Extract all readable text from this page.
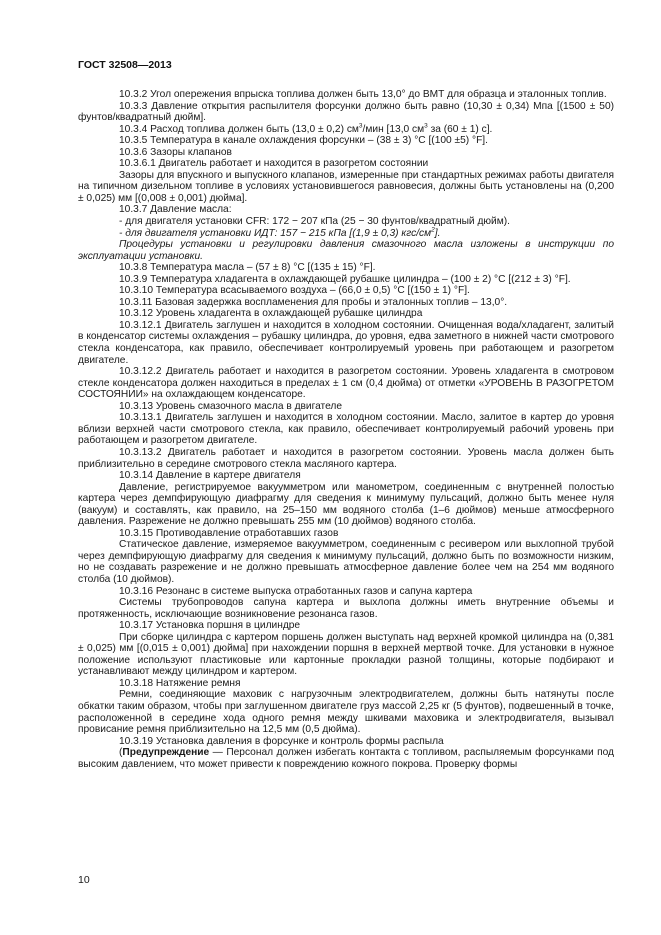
ГОСТ 32508—2013

10.3.2 Угол опережения впрыска топлива должен быть 13,0° до ВМТ для образца и эталонных топлив.

10.3.3 Давление открытия распылителя форсунки должно быть равно (10,30 ± 0,34) Мпа [(1500 ± 50) фунтов/квадратный дюйм].

10.3.4 Расход топлива должен быть (13,0 ± 0,2) $см^3$/мин [13,0 $см^3$ за (60 ± 1) с].

10.3.5 Температура в канале охлаждения форсунки – (38 ± 3) °С [(100 ±5) °F].

10.3.6 Зазоры клапанов

10.3.6.1 Двигатель работает и находится в разогретом состоянии

Зазоры для впускного и выпускного клапанов, измеренные при стандартных режимах работы двигателя на типичном дизельном топливе в условиях установившегося равновесия, должны быть установлены на (0,200 ± 0,025) мм [(0,008 ± 0,001) дюйма].

10.3.7 Давление масла:

- для двигателя установки CFR: 172 − 207 кПа (25 − 30 фунтов/квадратный дюйм).

- для двигателя установки ИДТ: 157 − 215 кПа [(1,9 ± 0,3) кгс/$см^2$].

Процедуры установки и регулировки давления смазочного масла изложены в инструкции по эксплуатации установки.

10.3.8 Температура масла – (57 ± 8) °С [(135 ± 15) °F].

10.3.9 Температура хладагента в охлаждающей рубашке цилиндра – (100 ± 2) °С [(212 ± 3) °F].

10.3.10 Температура всасываемого воздуха – (66,0 ± 0,5) °С [(150 ± 1) °F].

10.3.11 Базовая задержка воспламенения для пробы и эталонных топлив – 13,0°.

10.3.12 Уровень хладагента в охлаждающей рубашке цилиндра

10.3.12.1 Двигатель заглушен и находится в холодном состоянии. Очищенная вода/хладагент, залитый в конденсатор системы охлаждения – рубашку цилиндра, до уровня, едва заметного в нижней части смотрового стекла конденсатора, как правило, обеспечивает контролируемый уровень при работающем и разогретом двигателе.

10.3.12.2 Двигатель работает и находится в разогретом состоянии. Уровень хладагента в смотровом стекле конденсатора должен находиться в пределах ± 1 см (0,4 дюйма) от отметки «УРОВЕНЬ В РАЗОГРЕТОМ СОСТОЯНИИ» на охлаждающем конденсаторе.

10.3.13 Уровень смазочного масла в двигателе

10.3.13.1 Двигатель заглушен и находится в холодном состоянии. Масло, залитое в картер до уровня вблизи верхней части смотрового стекла, как правило, обеспечивает контролируемый рабочий уровень при работающем и разогретом двигателе.

10.3.13.2 Двигатель работает и находится в разогретом состоянии. Уровень масла должен быть приблизительно в середине смотрового стекла масляного картера.

10.3.14 Давление в картере двигателя

Давление, регистрируемое вакуумметром или манометром, соединенным с внутренней полостью картера через демпфирующую диафрагму для сведения к минимуму пульсаций, должно быть менее нуля (вакуум) и составлять, как правило, на 25–150 мм водяного столба (1–6 дюймов) меньше атмосферного давления. Разрежение не должно превышать 255 мм (10 дюймов) водяного столба.

10.3.15 Противодавление отработавших газов

Статическое давление, измеряемое вакуумметром, соединенным с ресивером или выхлопной трубой через демпфирующую диафрагму для сведения к минимуму пульсаций, должно быть по возможности низким, но не создавать разрежение и не должно превышать атмосферное давление более чем на 254 мм водяного столба (10 дюймов).

10.3.16 Резонанс в системе выпуска отработанных газов и сапуна картера

Системы трубопроводов сапуна картера и выхлопа должны иметь внутренние объемы и протяженность, исключающие возникновение резонанса газов.

10.3.17 Установка поршня в цилиндре

При сборке цилиндра с картером поршень должен выступать над верхней кромкой цилиндра на (0,381 ± 0,025) мм [(0,015 ± 0,001) дюйма] при нахождении поршня в верхней мертвой точке. Для установки в нужное положение используют пластиковые или картонные прокладки разной толщины, которые подбирают и устанавливают между цилиндром и картером.

10.3.18 Натяжение ремня

Ремни, соединяющие маховик с нагрузочным электродвигателем, должны быть натянуты после обкатки таким образом, чтобы при заглушенном двигателе груз массой 2,25 кг (5 фунтов), подвешенный в точке, расположенной в середине хода одного ремня между шкивами маховика и электродвигателя, вызывал провисание ремня приблизительно на 12,5 мм (0,5 дюйма).

10.3.19 Установка давления в форсунке и контроль формы распыла

(Предупреждение — Персонал должен избегать контакта с топливом, распыляемым форсунками под высоким давлением, что может привести к повреждению кожного покрова. Проверку формы

10
